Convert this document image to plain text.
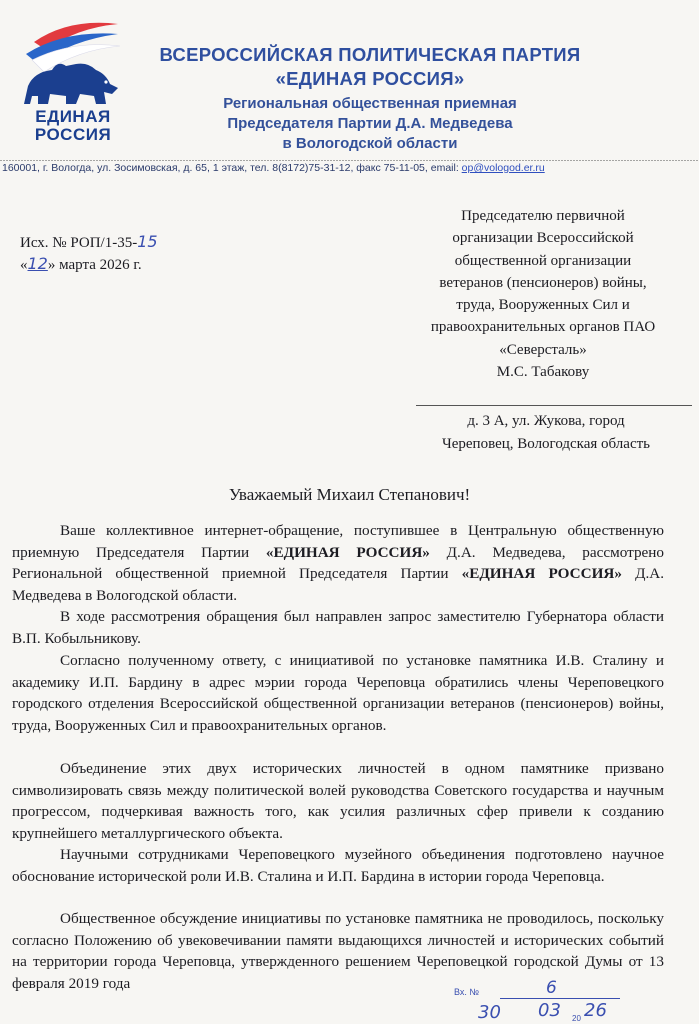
ЕДИНАЯ
РОССИЯ
ВСЕРОССИЙСКАЯ ПОЛИТИЧЕСКАЯ ПАРТИЯ
«ЕДИНАЯ РОССИЯ»
Региональная общественная приемная
Председателя Партии Д.А. Медведева
в Вологодской области
160001, г. Вологда, ул. Зосимовская, д. 65, 1 этаж, тел. 8(8172)75-31-12, факс 75-11-05, email: op@vologod.er.ru
Исх. № РОП/1-35-15
«12» марта 2026 г.
Председателю первичной
организации Всероссийской
общественной организации
ветеранов (пенсионеров) войны,
труда, Вооруженных Сил и
правоохранительных органов ПАО
«Северсталь»
М.С. Табакову
д. 3 А, ул. Жукова, город
Череповец, Вологодская область
Уважаемый Михаил Степанович!
Ваше коллективное интернет-обращение, поступившее в Центральную общественную приемную Председателя Партии «ЕДИНАЯ РОССИЯ» Д.А. Медведева, рассмотрено Региональной общественной приемной Председателя Партии «ЕДИНАЯ РОССИЯ» Д.А. Медведева в Вологодской области.
В ходе рассмотрения обращения был направлен запрос заместителю Губернатора области В.П. Кобыльникову.
Согласно полученному ответу, с инициативой по установке памятника И.В. Сталину и академику И.П. Бардину в адрес мэрии города Череповца обратились члены Череповецкого городского отделения Всероссийской общественной организации ветеранов (пенсионеров) войны, труда, Вооруженных Сил и правоохранительных органов.
Объединение этих двух исторических личностей в одном памятнике призвано символизировать связь между политической волей руководства Советского государства и научным прогрессом, подчеркивая важность того, как усилия различных сфер привели к созданию крупнейшего металлургического объекта.
Научными сотрудниками Череповецкого музейного объединения подготовлено научное обоснование исторической роли И.В. Сталина и И.П. Бардина в истории города Череповца.
Общественное обсуждение инициативы по установке памятника не проводилось, поскольку согласно Положению об увековечивании памяти выдающихся личностей и исторических событий на территории города Череповца, утвержденного решением Череповецкой городской Думы от 13 февраля 2019 года
Вх. №	6
30 03 20 26
